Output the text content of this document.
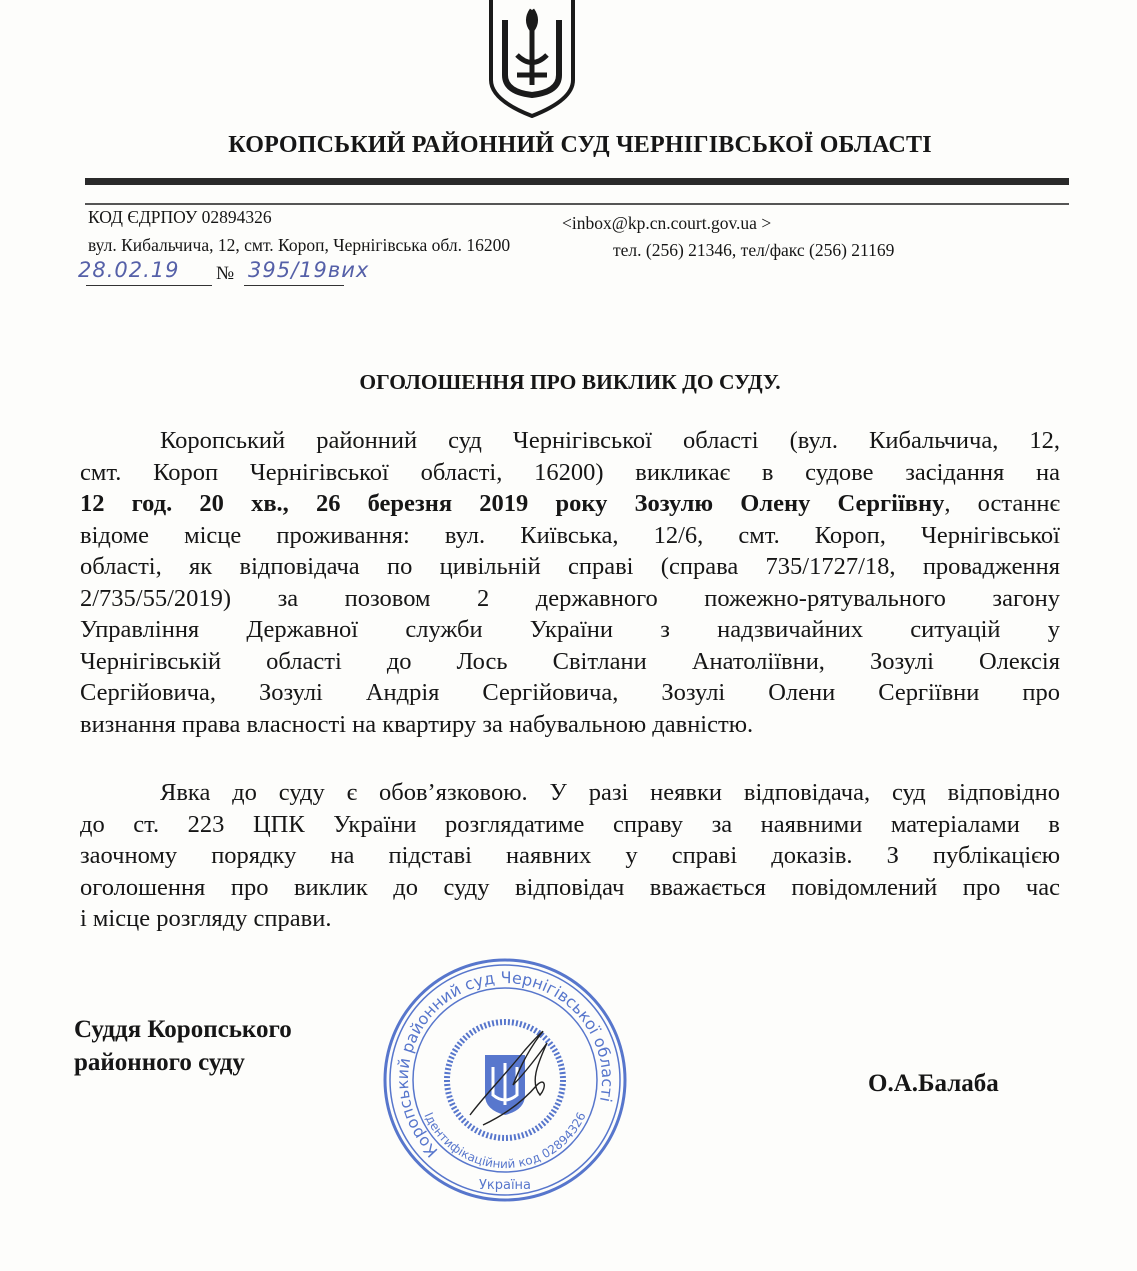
КОРОПСЬКИЙ РАЙОННИЙ СУД ЧЕРНІГІВСЬКОЇ ОБЛАСТІ
КОД ЄДРПОУ 02894326	<inbox@kp.cn.court.gov.ua >
вул. Кибальчича, 12, смт. Короп, Чернігівська обл. 16200	тел. (256) 21346, тел/факс (256) 21169
28.02.19 № 395/19вих
ОГОЛОШЕННЯ ПРО ВИКЛИК ДО СУДУ.
Коропський районний суд Чернігівської області (вул. Кибальчича, 12,
смт. Короп Чернігівської області, 16200) викликає в судове засідання на
12 год. 20 хв., 26 березня 2019 року Зозулю Олену Сергіївну, останнє
відоме місце проживання: вул. Київська, 12/6, смт. Короп, Чернігівської
області, як відповідача по цивільній справі (справа 735/1727/18, провадження
2/735/55/2019) за позовом 2 державного пожежно-рятувального загону
Управління Державної служби України з надзвичайних ситуацій у
Чернігівській області до Лось Світлани Анатоліївни, Зозулі Олексія
Сергійовича, Зозулі Андрія Сергійовича, Зозулі Олени Сергіївни про
визнання права власності на квартиру за набувальною давністю.
Явка до суду є обов’язковою. У разі неявки відповідача, суд відповідно
до ст. 223 ЦПК України розглядатиме справу за наявними матеріалами в
заочному порядку на підставі наявних у справі доказів. З публікацією
оголошення про виклик до суду відповідач вважається повідомлений про час
і місце розгляду справи.
Суддя Коропського
районного суду
О.А.Балаба
Коропський районний суд Чернігівської області
Ідентифікаційний код 02894326
Україна
